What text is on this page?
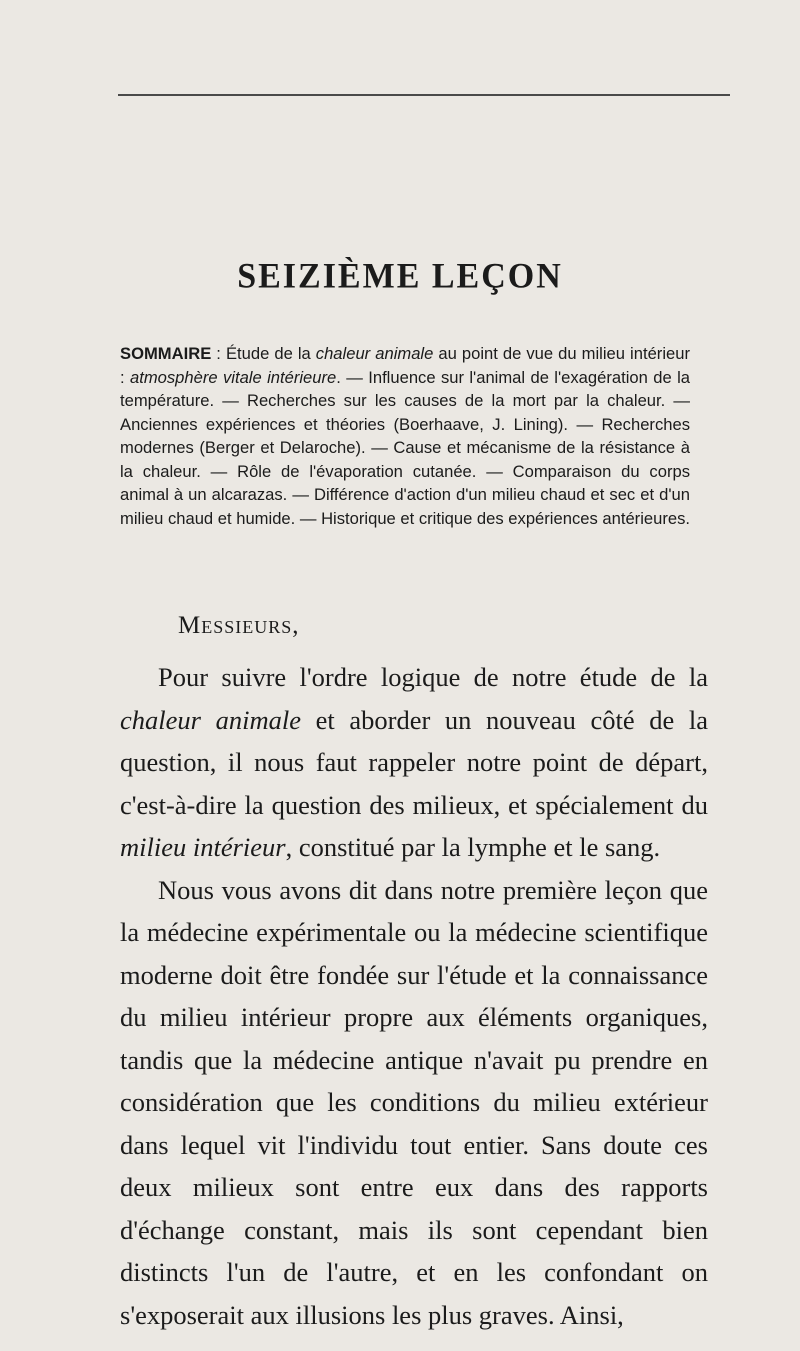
SEIZIÈME LEÇON
SOMMAIRE : Étude de la chaleur animale au point de vue du milieu intérieur : atmosphère vitale intérieure. — Influence sur l'animal de l'exagération de la température. — Recherches sur les causes de la mort par la chaleur. — Anciennes expériences et théories (Boerhaave, J. Lining). — Recherches modernes (Berger et Delaroche). — Cause et mécanisme de la résistance à la chaleur. — Rôle de l'évaporation cutanée. — Comparaison du corps animal à un alcarazas. — Différence d'action d'un milieu chaud et sec et d'un milieu chaud et humide. — Historique et critique des expériences antérieures.
Messieurs,

Pour suivre l'ordre logique de notre étude de la chaleur animale et aborder un nouveau côté de la question, il nous faut rappeler notre point de départ, c'est-à-dire la question des milieux, et spécialement du milieu intérieur, constitué par la lymphe et le sang.

Nous vous avons dit dans notre première leçon que la médecine expérimentale ou la médecine scientifique moderne doit être fondée sur l'étude et la connaissance du milieu intérieur propre aux éléments organiques, tandis que la médecine antique n'avait pu prendre en considération que les conditions du milieu extérieur dans lequel vit l'individu tout entier. Sans doute ces deux milieux sont entre eux dans des rapports d'échange constant, mais ils sont cependant bien distincts l'un de l'autre, et en les confondant on s'exposerait aux illusions les plus graves. Ainsi,
